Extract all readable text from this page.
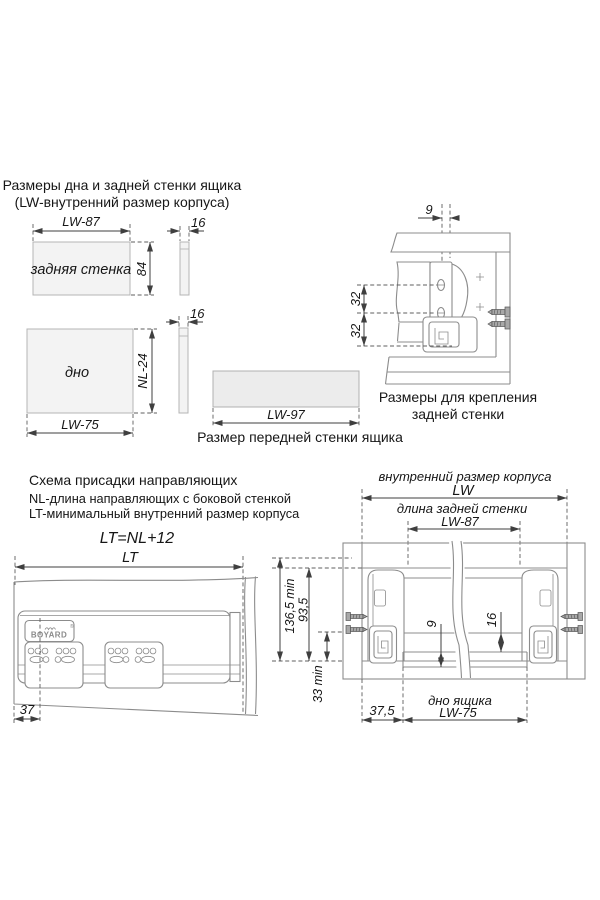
Размеры дна и задней стенки ящика
(LW-внутренний размер корпуса)
LW-87
задняя стенка 84
16
дно	NL-24
LW-75
16
LW-97
Размер передней стенки ящика
9
32
32
Размеры для крепления
задней стенки
Схема присадки направляющих
NL-длина направляющих с боковой стенкой
LT-минимальный внутренний размер корпуса
LT=NL+12
LT
BOYARD
®
37
внутренний размер корпуса
LW
длина задней стенки
LW-87
9	16
136,5 min 93,5
33 min
37,5
дно ящика
LW-75
